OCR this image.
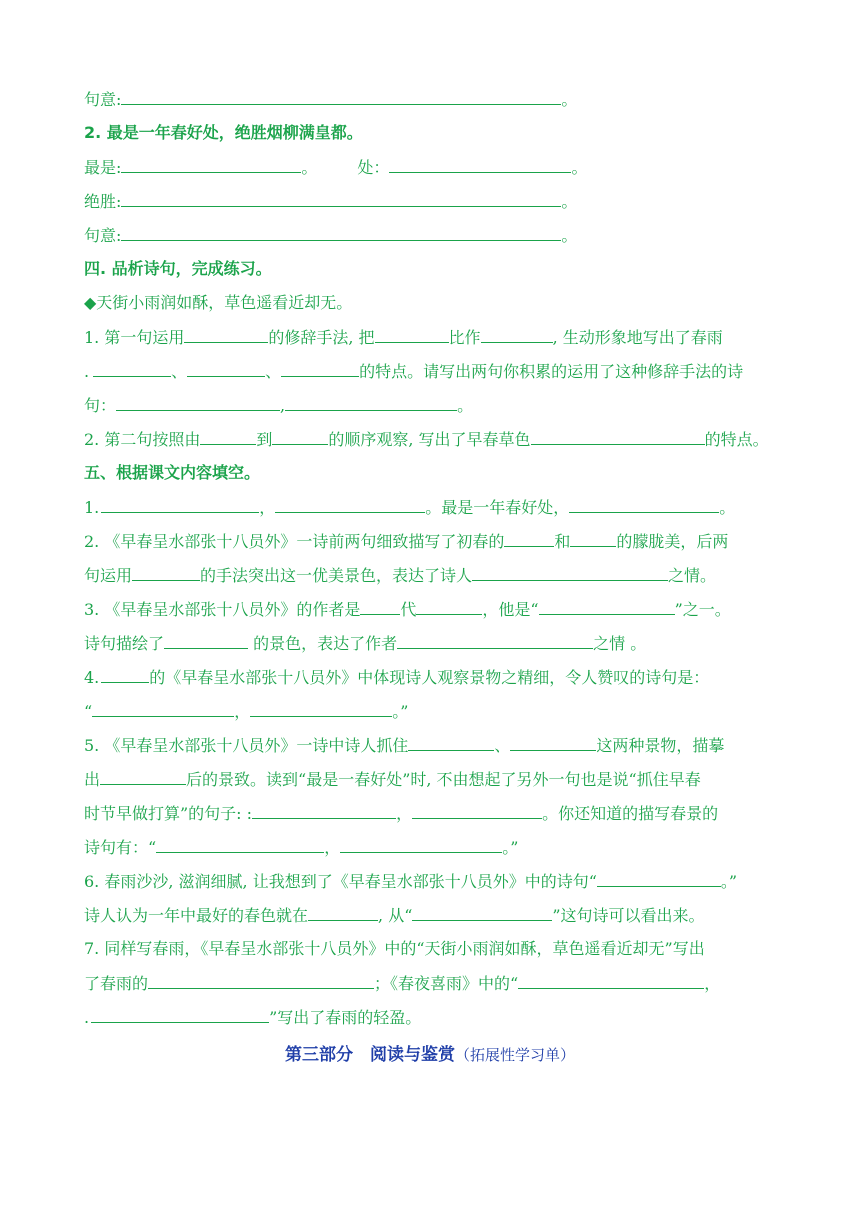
句意:	。
2. 最是一年春好处，绝胜烟柳满皇都。
最是:	。	处：	。
绝胜:	。
句意:	。
四. 品析诗句，完成练习。
◆天街小雨润如酥，草色遥看近却无。
1. 第一句运用	的修辞手法, 把	比作	, 生动形象地写出了春雨
.	、	、	的特点。请写出两句你积累的运用了这种修辞手法的诗
句：	,	。
2. 第二句按照由	到	的顺序观察, 写出了早春草色	的特点。
五、根据课文内容填空。
1.	，	。最是一年春好处，	。
2. 《早春呈水部张十八员外》一诗前两句细致描写了初春的	和	的朦胧美，后两
句运用	的手法突出这一优美景色，表达了诗人	之情。
3. 《早春呈水部张十八员外》的作者是	代	，他是“	”之一。
诗句描绘了	的景色，表达了作者	之情 。
4.	的《早春呈水部张十八员外》中体现诗人观察景物之精细，令人赞叹的诗句是：
“	，	。”
5. 《早春呈水部张十八员外》一诗中诗人抓住	、	这两种景物，描摹
出	后的景致。读到“最是一春好处”时, 不由想起了另外一句也是说“抓住早春
时节早做打算”的句子: :	，	。你还知道的描写春景的
诗句有：“	，	。”
6. 春雨沙沙, 滋润细腻, 让我想到了《早春呈水部张十八员外》中的诗句“	。”
诗人认为一年中最好的春色就在	, 从“	”这句诗可以看出来。
7. 同样写春雨，《早春呈水部张十八员外》中的“天街小雨润如酥，草色遥看近却无”写出
了春雨的	；《春夜喜雨》中的“	，
.	”写出了春雨的轻盈。
第三部分　阅读与鉴赏（拓展性学习单）
